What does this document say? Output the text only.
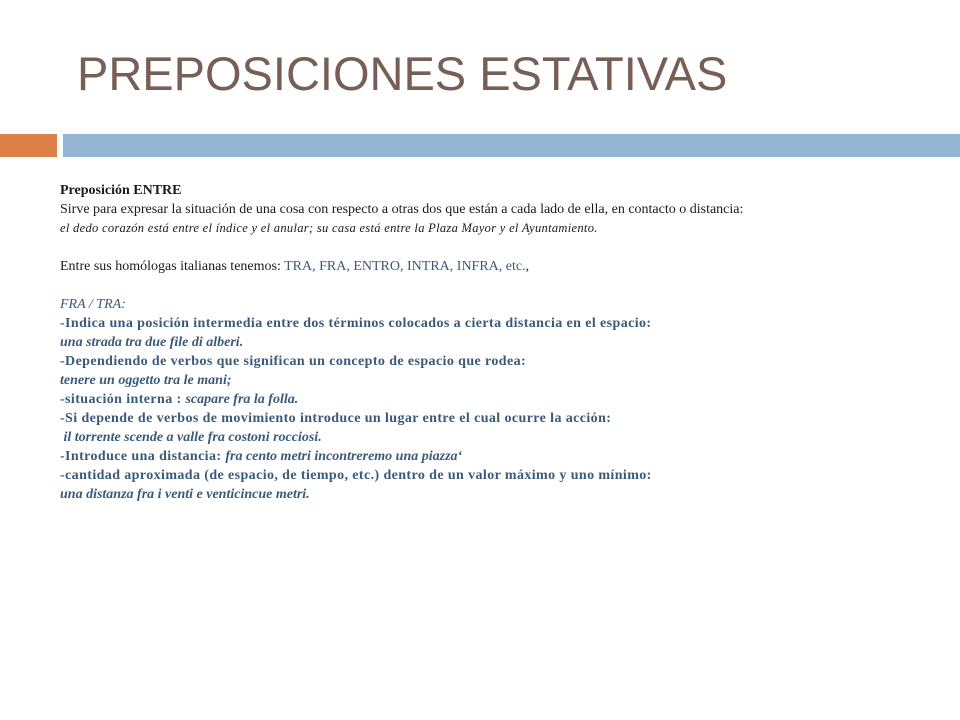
PREPOSICIONES ESTATIVAS

Preposición ENTRE

Sirve para expresar la situación de una cosa con respecto a otras dos que están a cada lado de ella, en contacto o distancia:

el dedo corazón está entre el índice y el anular; su casa está entre la Plaza Mayor y el Ayuntamiento.

Entre sus homólogas italianas tenemos: TRA, FRA, ENTRO, INTRA, INFRA, etc.,

FRA / TRA:

-Indica una posición intermedia entre dos términos colocados a cierta distancia en el espacio:

una strada tra due file di alberi.

-Dependiendo de verbos que significan un concepto de espacio que rodea:

tenere un oggetto tra le mani;

-situación interna : scapare fra la folla.

-Si depende de verbos de movimiento introduce un lugar entre el cual ocurre la acción:

il torrente scende a valle fra costoni rocciosi.

-Introduce una distancia: fra cento metri incontreremo una piazza‘

-cantidad aproximada (de espacio, de tiempo, etc.) dentro de un valor máximo y uno mínimo:

una distanza fra i venti e venticincue metri.
